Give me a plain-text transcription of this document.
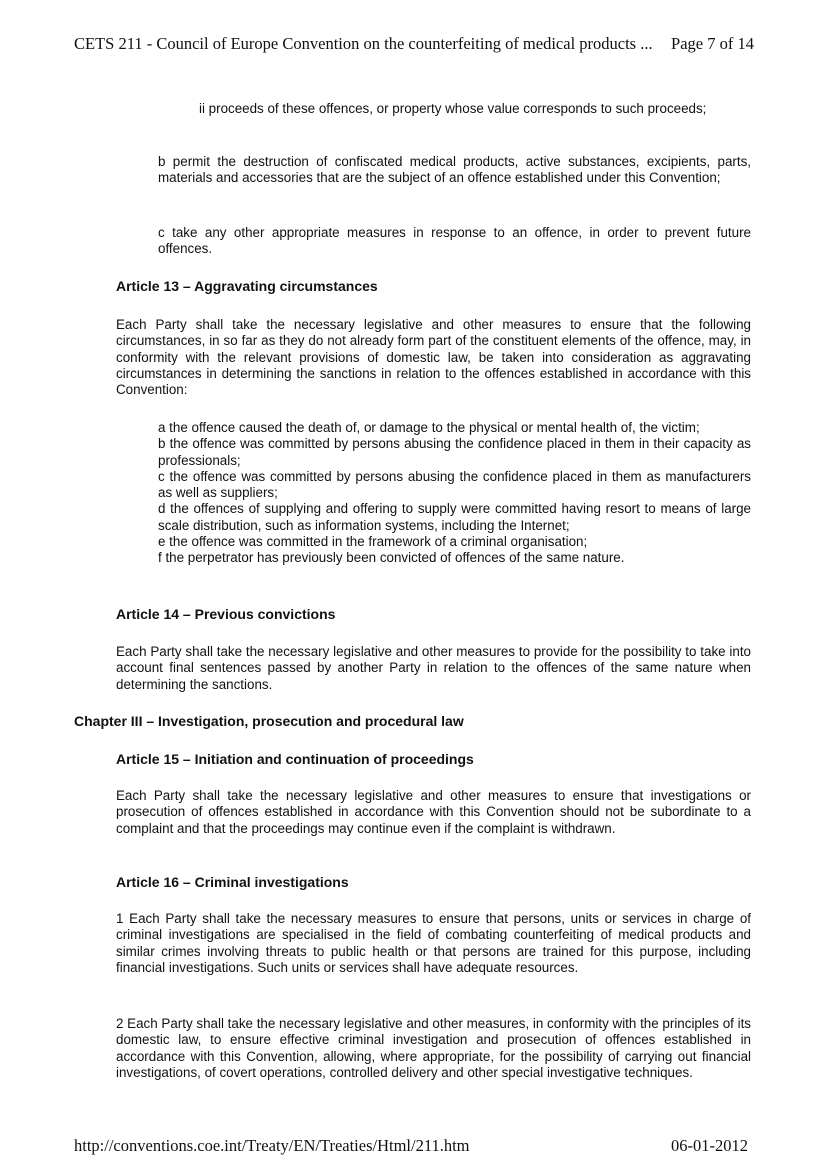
CETS 211 - Council of Europe Convention on the counterfeiting of medical products ... Page 7 of 14

ii proceeds of these offences, or property whose value corresponds to such proceeds;

b permit the destruction of confiscated medical products, active substances, excipients, parts, materials and accessories that are the subject of an offence established under this Convention;

c take any other appropriate measures in response to an offence, in order to prevent future offences.

Article 13 – Aggravating circumstances

Each Party shall take the necessary legislative and other measures to ensure that the following circumstances, in so far as they do not already form part of the constituent elements of the offence, may, in conformity with the relevant provisions of domestic law, be taken into consideration as aggravating circumstances in determining the sanctions in relation to the offences established in accordance with this Convention:

a the offence caused the death of, or damage to the physical or mental health of, the victim;
b the offence was committed by persons abusing the confidence placed in them in their capacity as professionals;
c the offence was committed by persons abusing the confidence placed in them as manufacturers as well as suppliers;
d the offences of supplying and offering to supply were committed having resort to means of large scale distribution, such as information systems, including the Internet;
e the offence was committed in the framework of a criminal organisation;
f the perpetrator has previously been convicted of offences of the same nature.
Article 14 – Previous convictions

Each Party shall take the necessary legislative and other measures to provide for the possibility to take into account final sentences passed by another Party in relation to the offences of the same nature when determining the sanctions.

Chapter III – Investigation, prosecution and procedural law
Article 15 – Initiation and continuation of proceedings

Each Party shall take the necessary legislative and other measures to ensure that investigations or prosecution of offences established in accordance with this Convention should not be subordinate to a complaint and that the proceedings may continue even if the complaint is withdrawn.

Article 16 – Criminal investigations

1 Each Party shall take the necessary measures to ensure that persons, units or services in charge of criminal investigations are specialised in the field of combating counterfeiting of medical products and similar crimes involving threats to public health or that persons are trained for this purpose, including financial investigations. Such units or services shall have adequate resources.

2 Each Party shall take the necessary legislative and other measures, in conformity with the principles of its domestic law, to ensure effective criminal investigation and prosecution of offences established in accordance with this Convention, allowing, where appropriate, for the possibility of carrying out financial investigations, of covert operations, controlled delivery and other special investigative techniques.

http://conventions.coe.int/Treaty/EN/Treaties/Html/211.htm	06-01-2012
